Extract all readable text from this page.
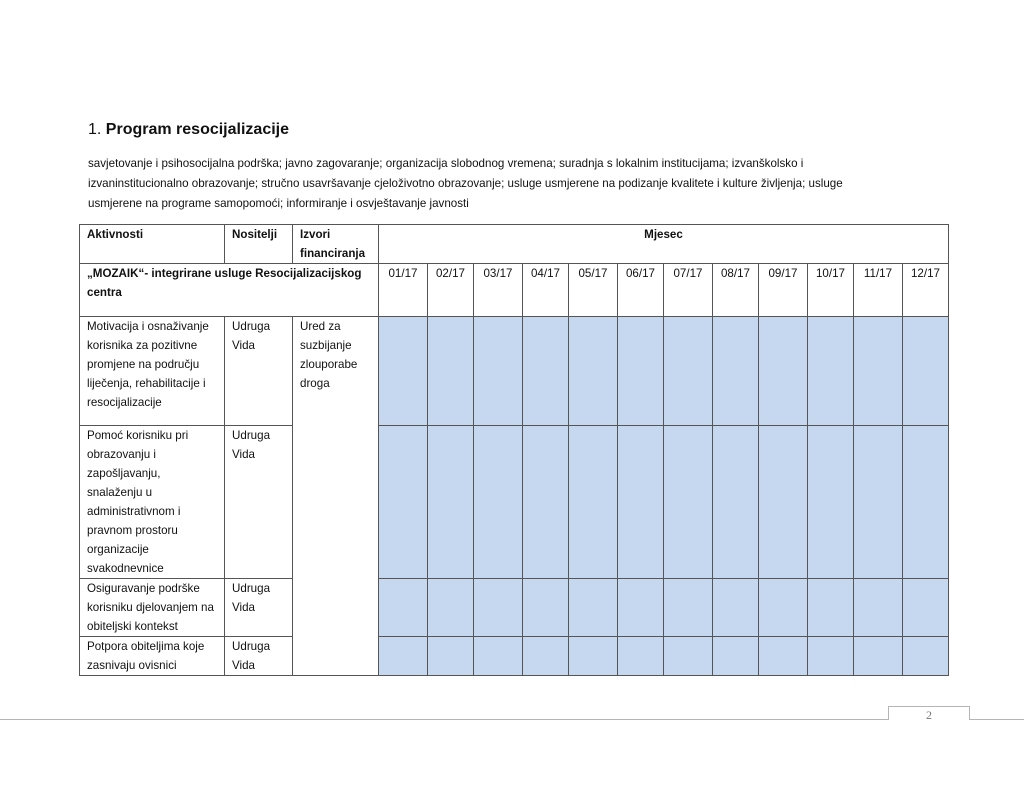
1. Program resocijalizacije

savjetovanje i psihosocijalna podrška; javno zagovaranje; organizacija slobodnog vremena; suradnja s lokalnim institucijama; izvanškolsko i
izvaninstitucionalno obrazovanje; stručno usavršavanje cjeloživotno obrazovanje; usluge usmjerene na podizanje kvalitete i kulture življenja; usluge
usmjerene na programe samopomoći; informiranje i osvještavanje javnosti

Aktivnosti	Nositelji	Izvori
financiranja	Mjesec											
„MOZAIK“- integrirane usluge Resocijalizacijskog centra			01/17	02/17	03/17	04/17	05/17	06/17	07/17	08/17	09/17	10/17	11/17	12/17
Motivacija i osnaživanje korisnika za pozitivne promjene na području liječenja, rehabilitacije i resocijalizacije	Udruga Vida	Ured za suzbijanje zlouporabe droga												
Pomoć korisniku pri obrazovanju i zapošljavanju, snalaženju u administrativnom i pravnom prostoru organizacije svakodnevnice	Udruga Vida													
Osiguravanje podrške korisniku djelovanjem na obiteljski kontekst	Udruga Vida													
Potpora obiteljima koje zasnivaju ovisnici	Udruga Vida													
2
